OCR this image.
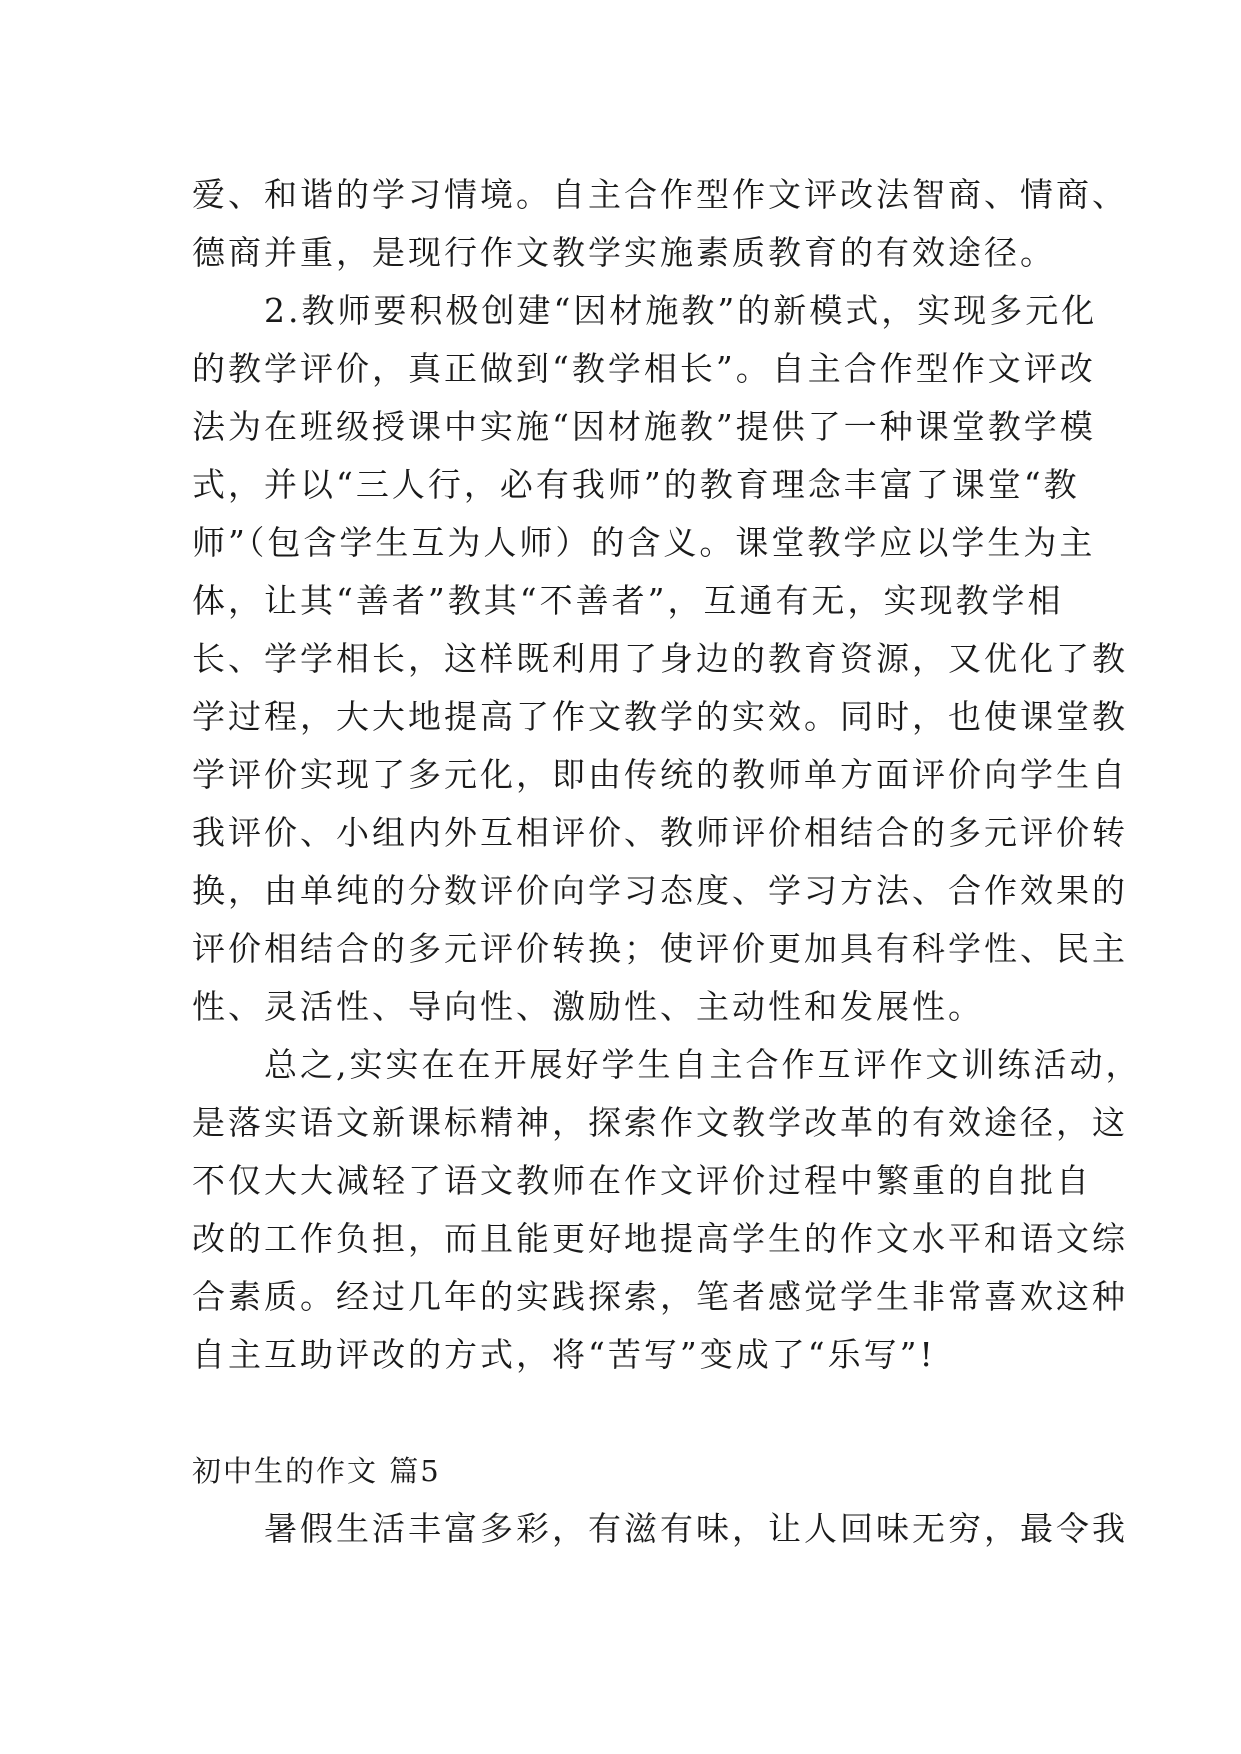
爱、和谐的学习情境。自主合作型作文评改法智商、情商、

德商并重，是现行作文教学实施素质教育的有效途径。

　　2.教师要积极创建“因材施教”的新模式，实现多元化

的教学评价，真正做到“教学相长”。自主合作型作文评改

法为在班级授课中实施“因材施教”提供了一种课堂教学模

式，并以“三人行，必有我师”的教育理念丰富了课堂“教

师”（包含学生互为人师）的含义。课堂教学应以学生为主

体，让其“善者”教其“不善者”，互通有无，实现教学相

长、学学相长，这样既利用了身边的教育资源，又优化了教

学过程，大大地提高了作文教学的实效。同时，也使课堂教

学评价实现了多元化，即由传统的教师单方面评价向学生自

我评价、小组内外互相评价、教师评价相结合的多元评价转

换，由单纯的分数评价向学习态度、学习方法、合作效果的

评价相结合的多元评价转换；使评价更加具有科学性、民主

性、灵活性、导向性、激励性、主动性和发展性。

　　总之,实实在在开展好学生自主合作互评作文训练活动，

是落实语文新课标精神，探索作文教学改革的有效途径，这

不仅大大减轻了语文教师在作文评价过程中繁重的自批自

改的工作负担，而且能更好地提高学生的作文水平和语文综

合素质。经过几年的实践探索，笔者感觉学生非常喜欢这种

自主互助评改的方式，将“苦写”变成了“乐写”!

初中生的作文 篇5

　　暑假生活丰富多彩，有滋有味，让人回味无穷，最令我
